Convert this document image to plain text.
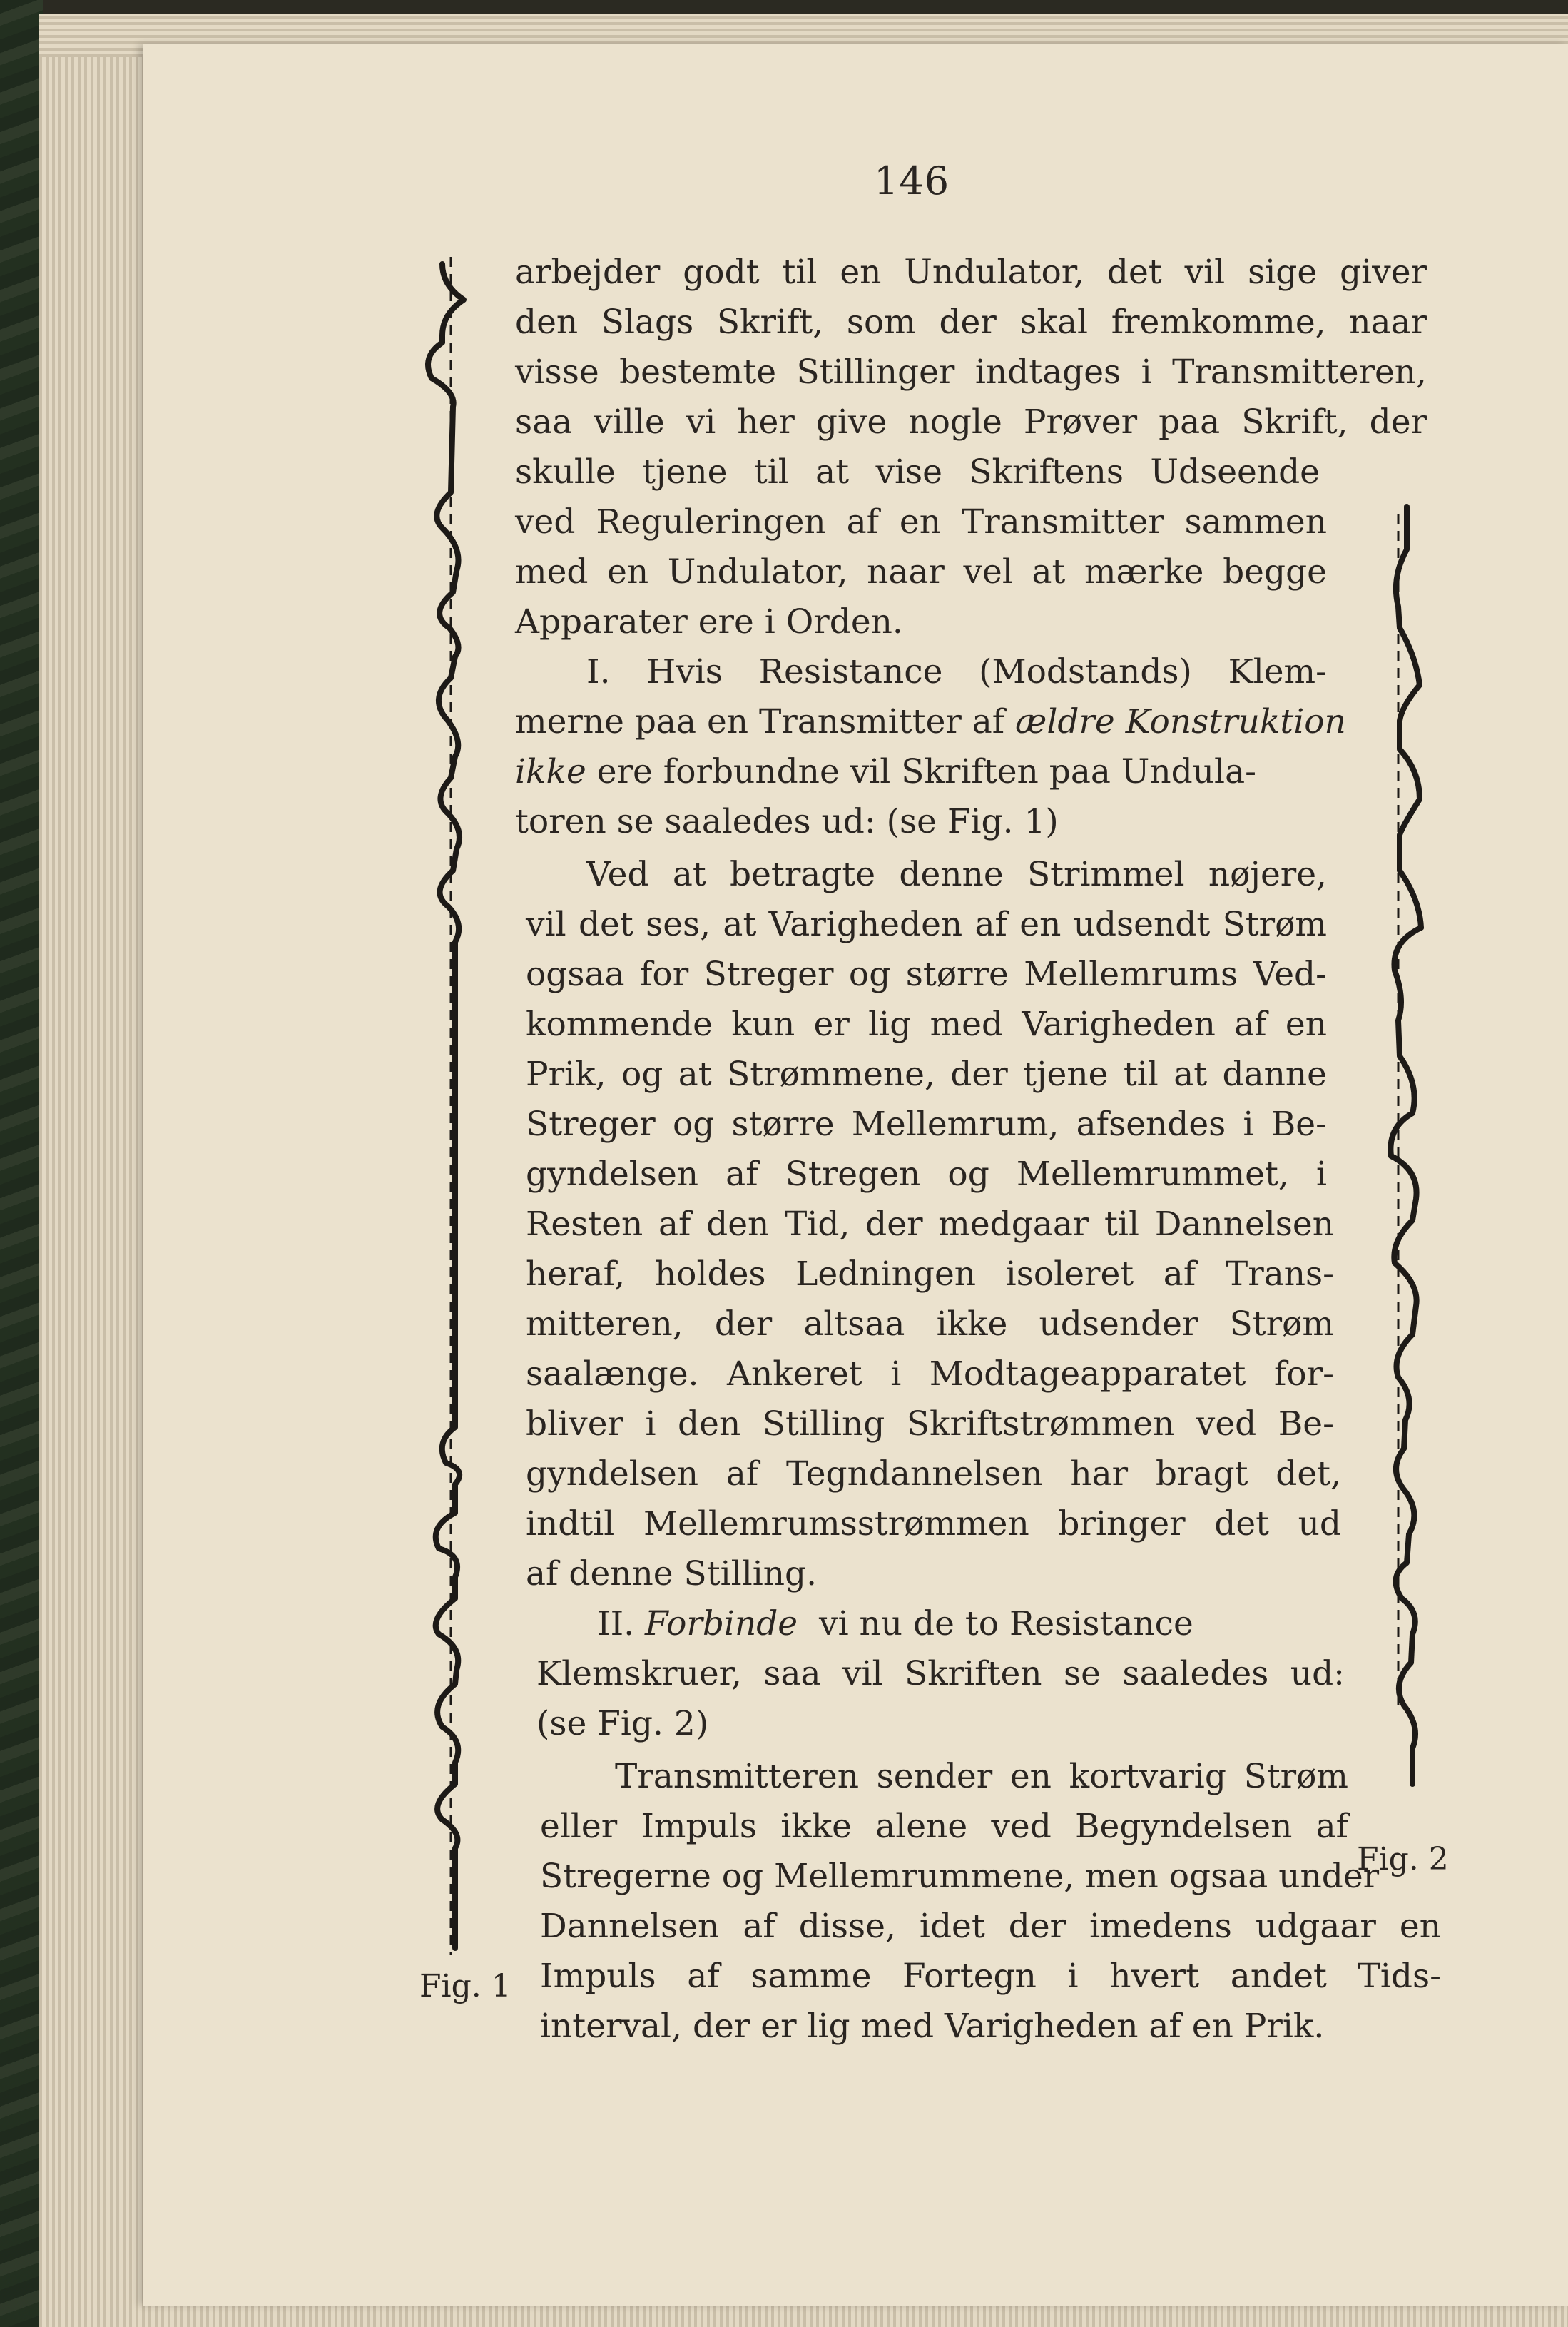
146
arbejder godt til en Undulator, det vil sige giver
den Slags Skrift, som der skal fremkomme, naar
visse bestemte Stillinger indtages i Transmitteren,
saa ville vi her give nogle Prøver paa Skrift, der
skulle tjene til at vise Skriftens Udseende
ved Reguleringen af en Transmitter sammen
med en Undulator, naar vel at mærke begge
Apparater ere i Orden.
I. Hvis Resistance (Modstands) Klem-
merne paa en Transmitter af ældre Konstruktion
ikke ere forbundne vil Skriften paa Undula-
toren se saaledes ud: (se Fig. 1)
Ved at betragte denne Strimmel nøjere,
vil det ses, at Varigheden af en udsendt Strøm
ogsaa for Streger og større Mellemrums Ved-
kommende kun er lig med Varigheden af en
Prik, og at Strømmene, der tjene til at danne
Streger og større Mellemrum, afsendes i Be-
gyndelsen af Stregen og Mellemrummet, i
Resten af den Tid, der medgaar til Dannelsen
heraf, holdes Ledningen isoleret af Trans-
mitteren, der altsaa ikke udsender Strøm
saalænge. Ankeret i Modtageapparatet for-
bliver i den Stilling Skriftstrømmen ved Be-
gyndelsen af Tegndannelsen har bragt det,
indtil Mellemrumsstrømmen bringer det ud
af denne Stilling.
II. Forbinde vi nu de to Resistance
Klemskruer, saa vil Skriften se saaledes ud:
(se Fig. 2)
Transmitteren sender en kortvarig Strøm
eller Impuls ikke alene ved Begyndelsen af
Stregerne og Mellemrummene, men ogsaa under
Dannelsen af disse, idet der imedens udgaar en
Impuls af samme Fortegn i hvert andet Tids-
interval, der er lig med Varigheden af en Prik.
Fig. 1
Fig. 2
